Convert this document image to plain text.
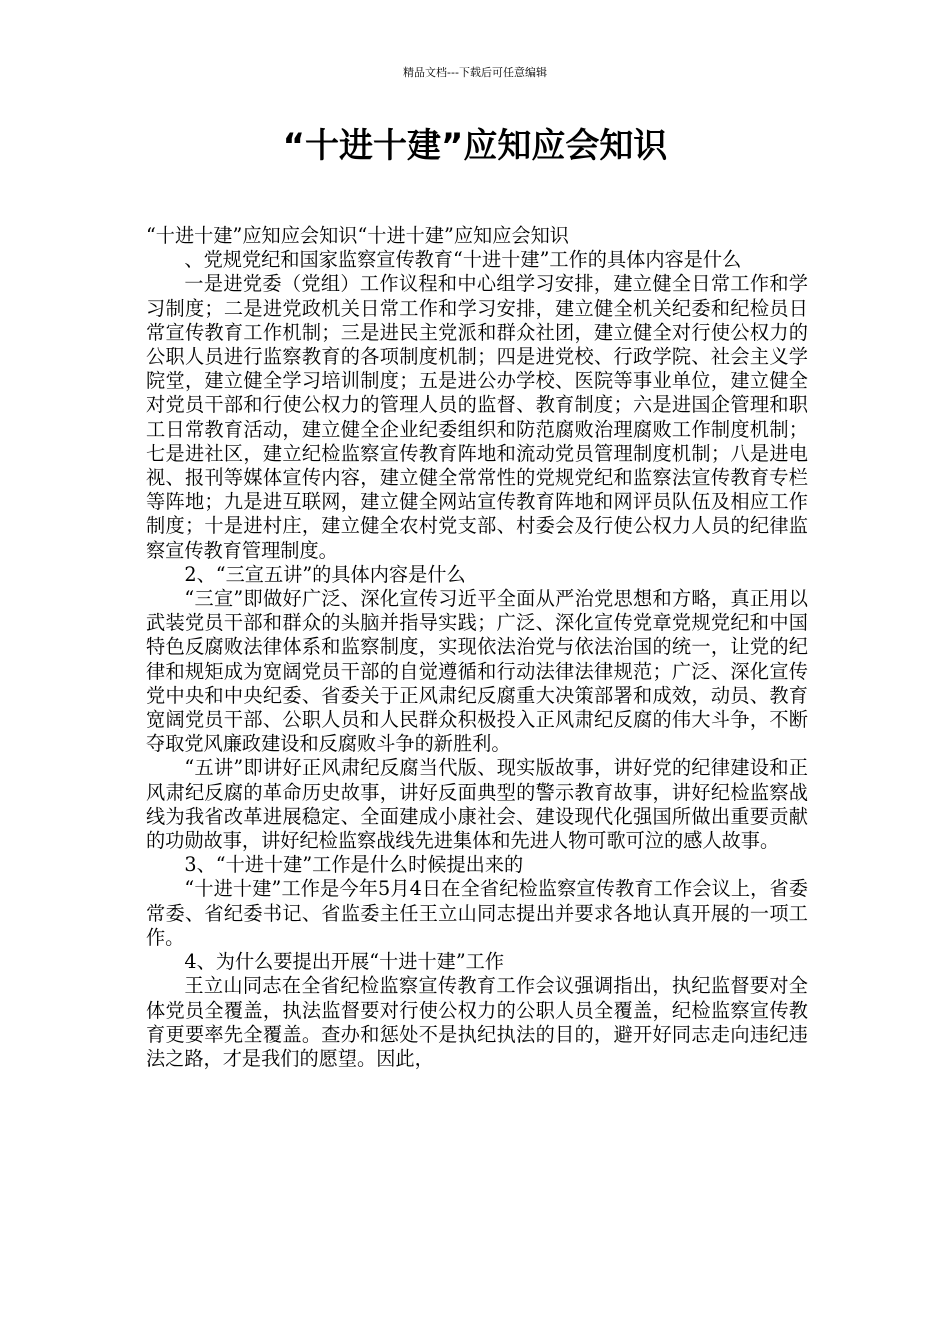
精品文档---下载后可任意编辑
“十进十建”应知应会知识

“十进十建”应知应会知识“十进十建”应知应会知识

、党规党纪和国家监察宣传教育“十进十建”工作的具体内容是什么

一是进党委（党组）工作议程和中心组学习安排，建立健全日常工作和学习制度；二是进党政机关日常工作和学习安排，建立健全机关纪委和纪检员日常宣传教育工作机制；三是进民主党派和群众社团，建立健全对行使公权力的公职人员进行监察教育的各项制度机制；四是进党校、行政学院、社会主义学院堂，建立健全学习培训制度；五是进公办学校、医院等事业单位，建立健全对党员干部和行使公权力的管理人员的监督、教育制度；六是进国企管理和职工日常教育活动，建立健全企业纪委组织和防范腐败治理腐败工作制度机制；七是进社区，建立纪检监察宣传教育阵地和流动党员管理制度机制；八是进电视、报刊等媒体宣传内容，建立健全常常性的党规党纪和监察法宣传教育专栏等阵地；九是进互联网，建立健全网站宣传教育阵地和网评员队伍及相应工作制度；十是进村庄，建立健全农村党支部、村委会及行使公权力人员的纪律监察宣传教育管理制度。

2、“三宣五讲”的具体内容是什么

“三宣”即做好广泛、深化宣传习近平全面从严治党思想和方略，真正用以武装党员干部和群众的头脑并指导实践；广泛、深化宣传党章党规党纪和中国特色反腐败法律体系和监察制度，实现依法治党与依法治国的统一，让党的纪律和规矩成为宽阔党员干部的自觉遵循和行动法律法律规范；广泛、深化宣传党中央和中央纪委、省委关于正风肃纪反腐重大决策部署和成效，动员、教育宽阔党员干部、公职人员和人民群众积极投入正风肃纪反腐的伟大斗争，不断夺取党风廉政建设和反腐败斗争的新胜利。

“五讲”即讲好正风肃纪反腐当代版、现实版故事，讲好党的纪律建设和正风肃纪反腐的革命历史故事，讲好反面典型的警示教育故事，讲好纪检监察战线为我省改革进展稳定、全面建成小康社会、建设现代化强国所做出重要贡献的功勋故事，讲好纪检监察战线先进集体和先进人物可歌可泣的感人故事。

3、“十进十建”工作是什么时候提出来的

“十进十建”工作是今年5月4日在全省纪检监察宣传教育工作会议上，省委常委、省纪委书记、省监委主任王立山同志提出并要求各地认真开展的一项工作。

4、为什么要提出开展“十进十建”工作

王立山同志在全省纪检监察宣传教育工作会议强调指出，执纪监督要对全体党员全覆盖，执法监督要对行使公权力的公职人员全覆盖，纪检监察宣传教育更要率先全覆盖。查办和惩处不是执纪执法的目的，避开好同志走向违纪违法之路，才是我们的愿望。因此，
